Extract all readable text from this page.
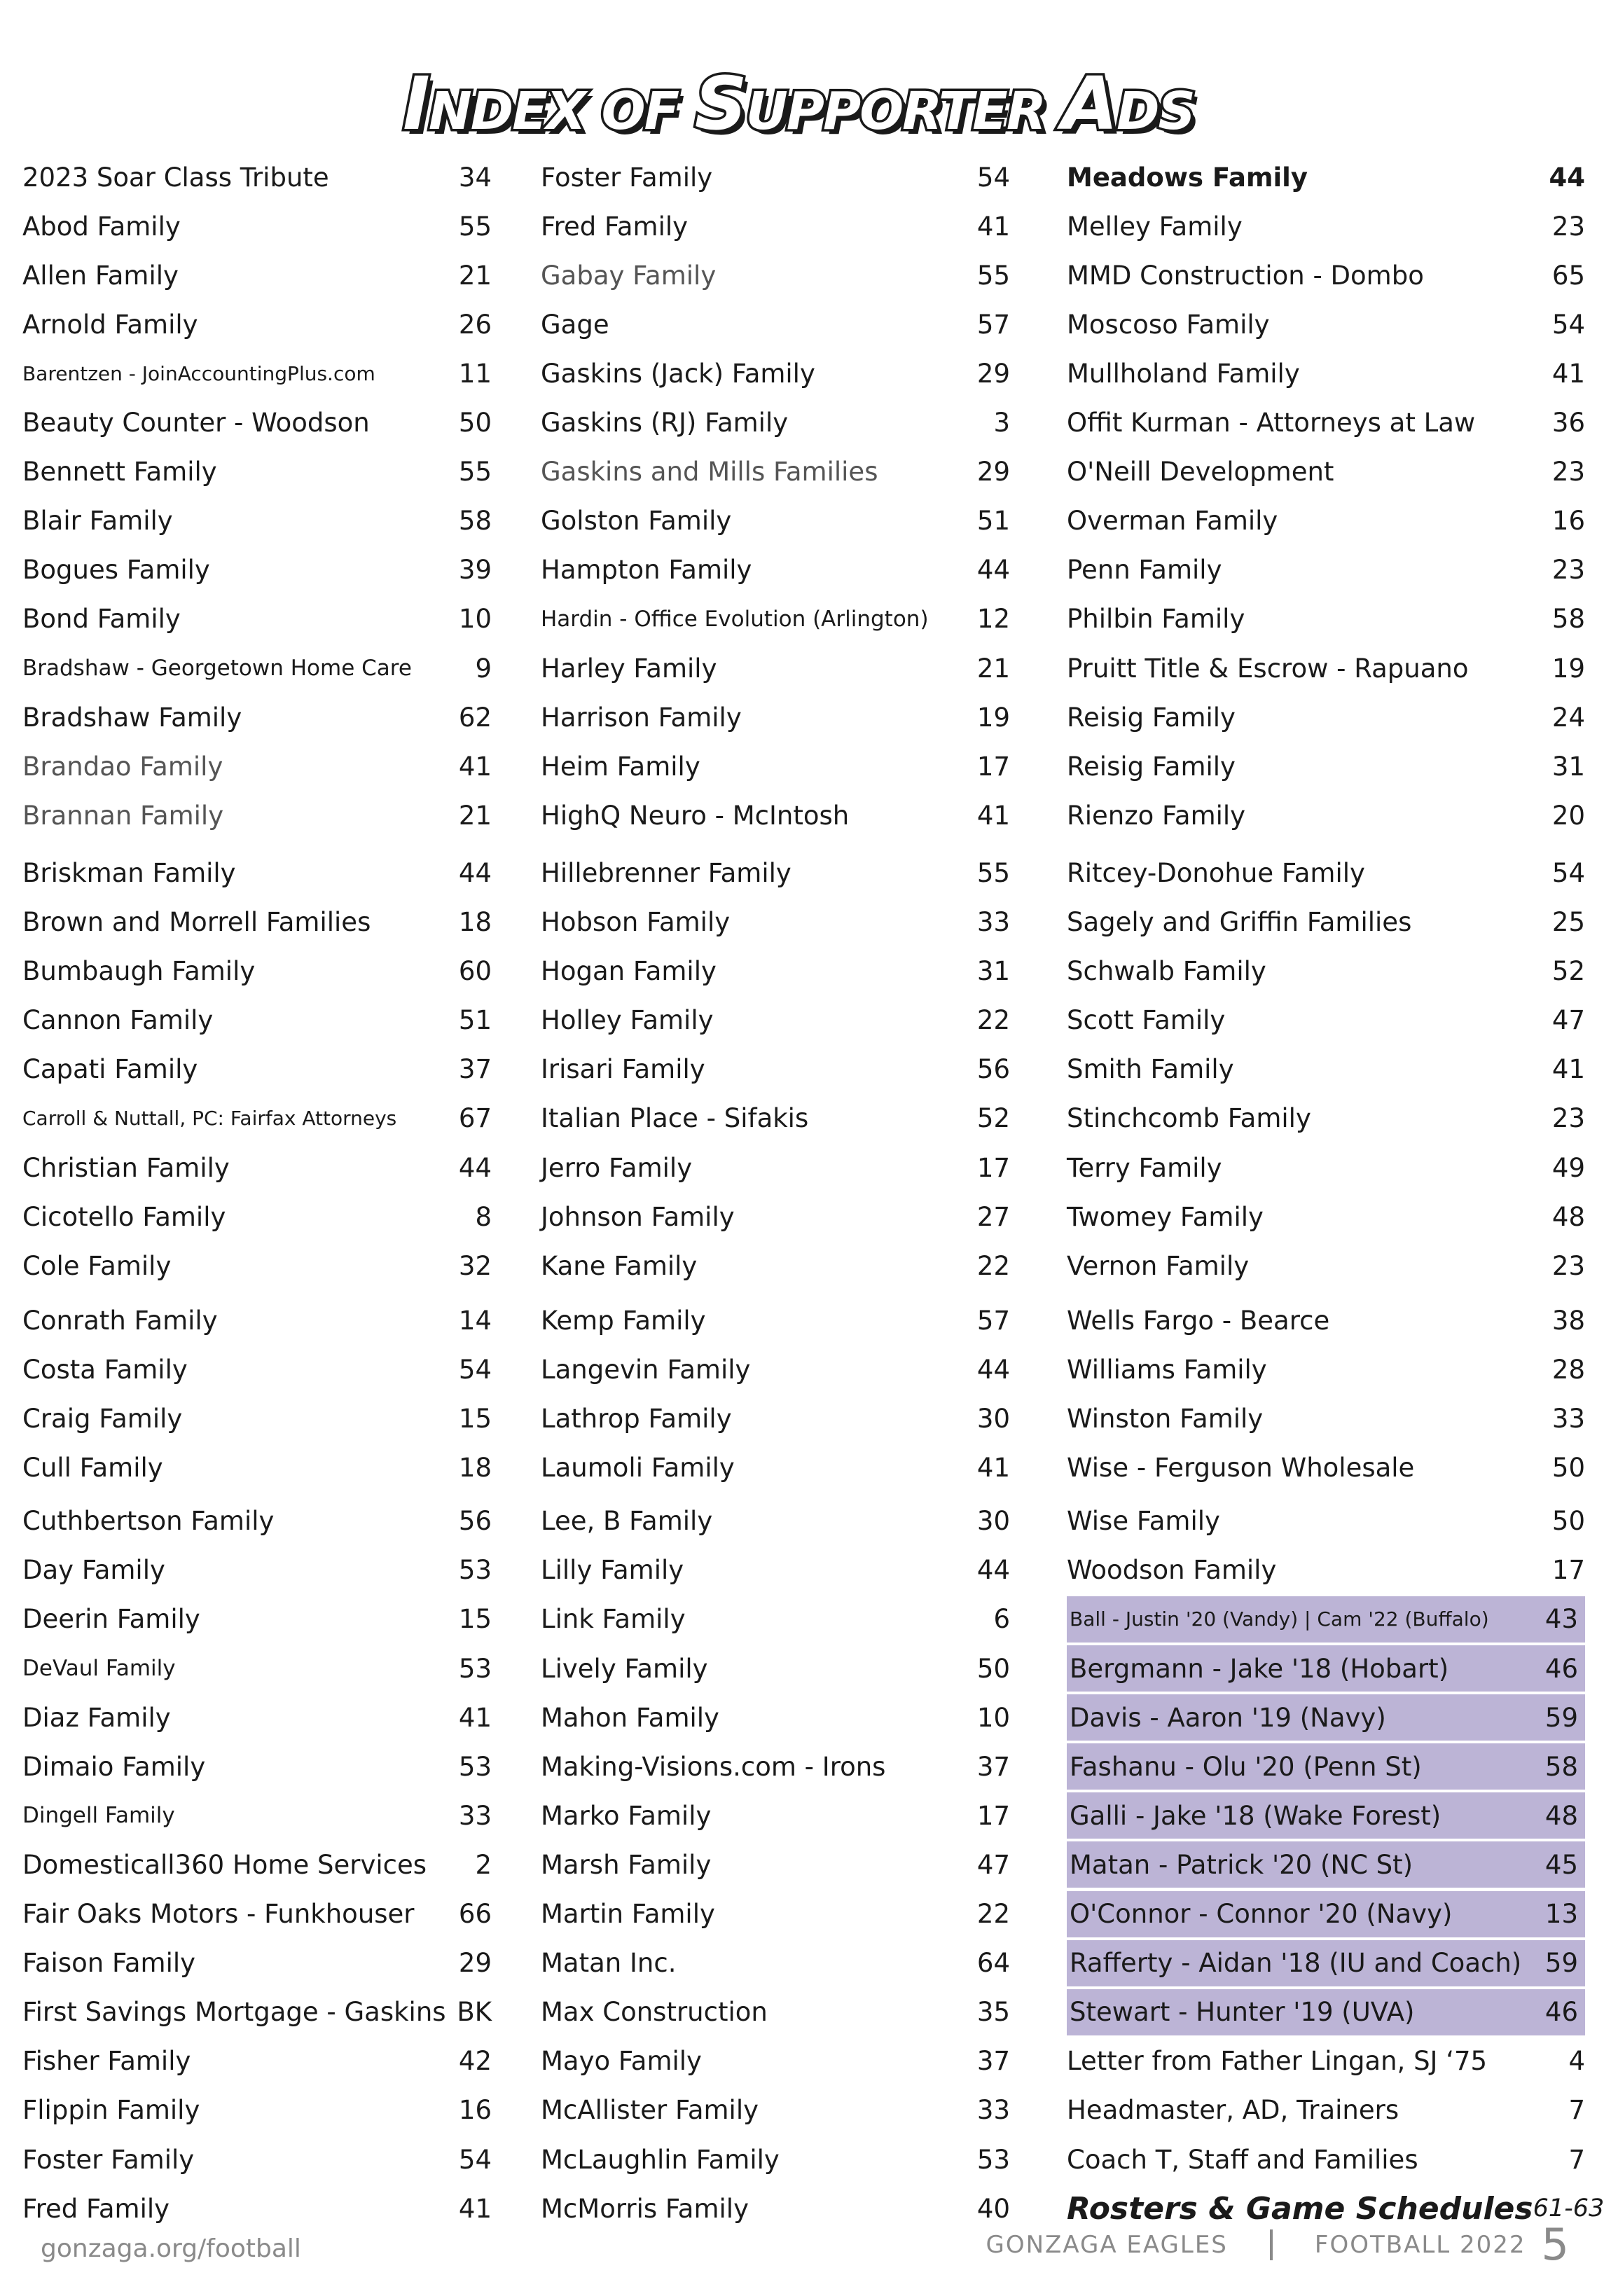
INDEX OF SUPPORTER ADS
2023 Soar Class Tribute	34
Abod Family	55
Allen Family	21
Arnold Family	26
Barentzen - JoinAccountingPlus.com	11
Beauty Counter - Woodson	50
Bennett Family	55
Blair Family	58
Bogues Family	39
Bond Family	10
Bradshaw - Georgetown Home Care 9
Bradshaw Family	62
Brandao Family	41
Brannan Family	21
Briskman Family	44
Brown and Morrell Families	18
Bumbaugh Family	60
Cannon Family	51
Capati Family	37
Carroll & Nuttall, PC: Fairfax Attorneys 67
Christian Family	44
Cicotello Family	8
Cole Family	32
Conrath Family	14
Costa Family	54
Craig Family	15
Cull Family	18
Cuthbertson Family	56
Day Family	53
Deerin Family	15
DeVaul Family	53
Diaz Family	41
Dimaio Family	53
Dingell Family	33
Domesticall360 Home Services 2
Fair Oaks Motors - Funkhouser 66
Faison Family	29
First Savings Mortgage - Gaskins BK
Fisher Family	42
Flippin Family	16
Foster Family	54
Fred Family	41
Foster Family	54
Fred Family	41
Gabay Family	55
Gage	57
Gaskins (Jack) Family	29
Gaskins (RJ) Family	3
Gaskins and Mills Families	29
Golston Family	51
Hampton Family	44
Hardin - Office Evolution (Arlington) 12
Harley Family	21
Harrison Family	19
Heim Family	17
HighQ Neuro - McIntosh	41
Hillebrenner Family	55
Hobson Family	33
Hogan Family	31
Holley Family	22
Irisari Family	56
Italian Place - Sifakis	52
Jerro Family	17
Johnson Family	27
Kane Family	22
Kemp Family	57
Langevin Family	44
Lathrop Family	30
Laumoli Family	41
Lee, B Family	30
Lilly Family	44
Link Family	6
Lively Family	50
Mahon Family	10
Making-Visions.com - Irons	37
Marko Family	17
Marsh Family	47
Martin Family	22
Matan Inc.	64
Max Construction	35
Mayo Family	37
McAllister Family	33
McLaughlin Family	53
McMorris Family	40
Meadows Family	44
Melley Family	23
MMD Construction - Dombo	65
Moscoso Family	54
Mullholand Family	41
Offit Kurman - Attorneys at Law	36
O'Neill Development	23
Overman Family	16
Penn Family	23
Philbin Family	58
Pruitt Title & Escrow - Rapuano	19
Reisig Family	24
Reisig Family	31
Rienzo Family	20
Ritcey-Donohue Family	54
Sagely and Griffin Families	25
Schwalb Family	52
Scott Family	47
Smith Family	41
Stinchcomb Family	23
Terry Family	49
Twomey Family	48
Vernon Family	23
Wells Fargo - Bearce	38
Williams Family	28
Winston Family	33
Wise - Ferguson Wholesale	50
Wise Family	50
Woodson Family	17
Ball - Justin '20 (Vandy) | Cam '22 (Buffalo) 43
Bergmann - Jake '18 (Hobart)	46
Davis - Aaron '19 (Navy)	59
Fashanu - Olu '20 (Penn St)	58
Galli - Jake '18 (Wake Forest)	48
Matan - Patrick '20 (NC St)	45
O'Connor - Connor '20 (Navy)	13
Rafferty - Aidan '18 (IU and Coach) 59
Stewart - Hunter '19 (UVA)	46
Letter from Father Lingan, SJ ‘75	4
Headmaster, AD, Trainers	7
Coach T, Staff and Families	7
Rosters & Game Schedules 61-63
gonzaga.org/football	GONZAGA EAGLES	FOOTBALL 2022 5
